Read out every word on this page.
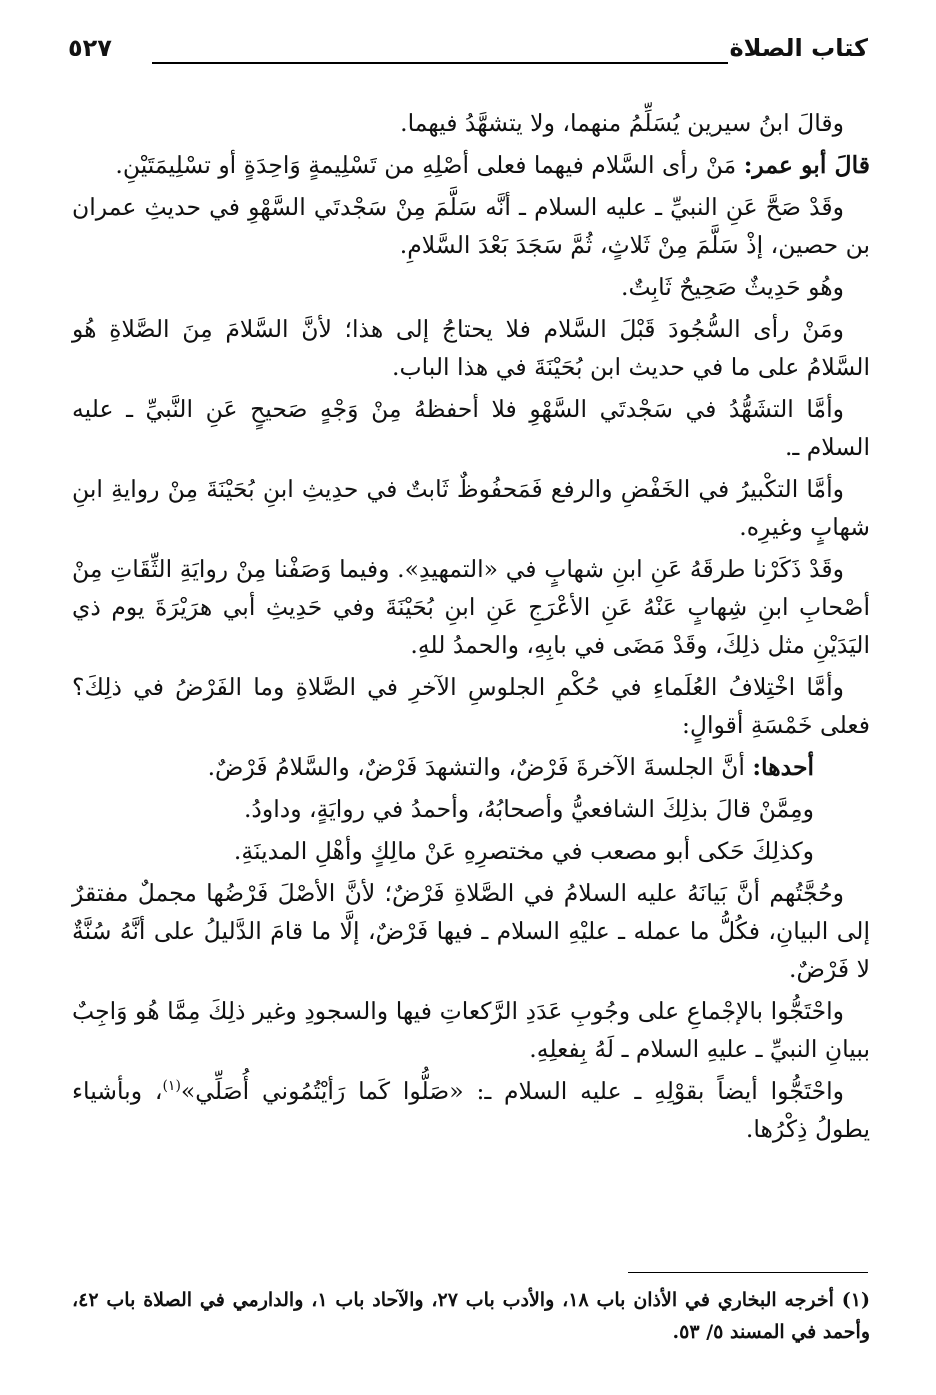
كتاب الصلاة
٥٢٧

وقالَ ابنُ سيرين يُسَلِّمُ منهما، ولا يتشهَّدُ فيهما.

قالَ أبو عمر: مَنْ رأى السَّلام فيهما فعلى أصْلِهِ من تَسْلِيمةٍ وَاحِدَةٍ أو تسْلِيمَتَيْنِ.

وقَدْ صَحَّ عَنِ النبيِّ ـ عليه السلام ـ أنَّه سَلَّمَ مِنْ سَجْدتَي السَّهْوِ في حديثِ عمران بن حصين، إذْ سَلَّمَ مِنْ ثَلاثٍ، ثُمَّ سَجَدَ بَعْدَ السَّلامِ.

وهُو حَدِيثٌ صَحِيحٌ ثَابِتٌ.

ومَنْ رأى السُّجُودَ قَبْلَ السَّلام فلا يحتاجُ إلى هذا؛ لأنَّ السَّلامَ مِنَ الصَّلاةِ هُو السَّلامُ على ما في حديث ابن بُحَيْنَةَ في هذا الباب.

وأمَّا التشَهُّدُ في سَجْدتَي السَّهْوِ فلا أحفظهُ مِنْ وَجْهٍ صَحيحٍ عَنِ النَّبيِّ ـ عليه السلام ـ.

وأمَّا التكْبيرُ في الخَفْضِ والرفع فَمَحفُوظٌ ثَابتٌ في حدِيثِ ابنِ بُحَيْنَةَ مِنْ روايةِ ابنِ شهابٍ وغيرِه.

وقَدْ ذَكَرْنا طرقَهُ عَنِ ابنِ شهابٍ في «التمهيدِ». وفيما وَصَفْنا مِنْ روايَةِ الثِّقَاتِ مِنْ أصْحابِ ابنِ شِهابٍ عَنْهُ عَنِ الأعْرَجِ عَنِ ابنِ بُحَيْنَةَ وفي حَدِيثِ أبي هرَيْرَةَ يوم ذي اليَدَيْنِ مثل ذلِكَ، وقَدْ مَضَى في بابِهِ، والحمدُ للهِ.

وأمَّا اخْتِلافُ العُلَماءِ في حُكْمِ الجلوسِ الآخرِ في الصَّلاةِ وما الفَرْضُ في ذلِكَ؟ فعلى خَمْسَةِ أقوالٍ:

أحدها: أنَّ الجلسةَ الآخرةَ فَرْضٌ، والتشهدَ فَرْضٌ، والسَّلامُ فَرْضٌ.

ومِمَّنْ قالَ بذلِكَ الشافعيُّ وأصحابُهُ، وأحمدُ في روايَةٍ، وداودُ.

وكذلِكَ حَكى أبو مصعب في مختصرِهِ عَنْ مالِكٍ وأهْلِ المدينَةِ.

وحُجَّتُهم أنَّ بَيانَهُ عليه السلامُ في الصَّلاةِ فَرْضٌ؛ لأنَّ الأصْلَ فَرْضُها مجملٌ مفتقرٌ إلى البيانِ، فكُلُّ ما عمله ـ عليْهِ السلام ـ فيها فَرْضٌ، إلَّا ما قامَ الدَّليلُ على أنَّهُ سُنَّةٌ لا فَرْضٌ.

واحْتَجُّوا بالإجْماعِ على وجُوبِ عَدَدِ الرَّكعاتِ فيها والسجودِ وغير ذلِكَ مِمَّا هُو وَاجِبٌ ببيانِ النبيِّ ـ عليهِ السلام ـ لَهُ بِفعلِهِ.

واحْتَجُّوا أيضاً بقوْلِهِ ـ عليه السلام ـ: «صَلُّوا كَما رَأيْتُمُوني أُصَلِّي»$^{(١)}$، وبأشياء يطولُ ذِكْرُها.

(١) أخرجه البخاري في الأذان باب ١٨، والأدب باب ٢٧، والآحاد باب ١، والدارمي في الصلاة باب ٤٢، وأحمد في المسند ٥/ ٥٣.
